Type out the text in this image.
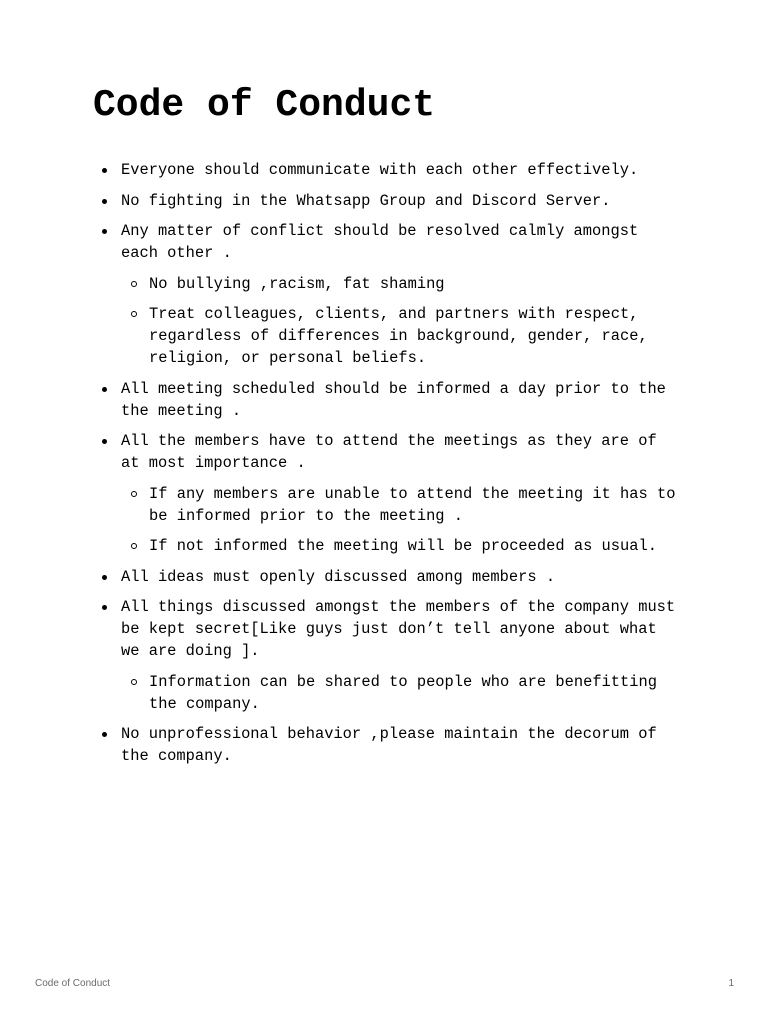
Code of Conduct
Everyone should communicate with each other effectively.
No fighting in the Whatsapp Group and Discord Server.
Any matter of conflict should be resolved calmly amongst each other .
No bullying ,racism, fat shaming
Treat colleagues, clients, and partners with respect, regardless of differences in background, gender, race, religion, or personal beliefs.
All meeting scheduled should be informed a day prior to the the meeting .
All the members have to attend the meetings as they are of at most importance .
If any members are unable to attend the meeting it has to be informed prior to the meeting .
If not informed the meeting will be proceeded as usual.
All ideas must openly discussed among members .
All things discussed amongst the members of the company must be kept secret[Like guys just don’t tell anyone about what we are doing ].
Information can be shared to people who are benefitting the company.
No unprofessional behavior ,please maintain the decorum of the company.
Code of Conduct	1
